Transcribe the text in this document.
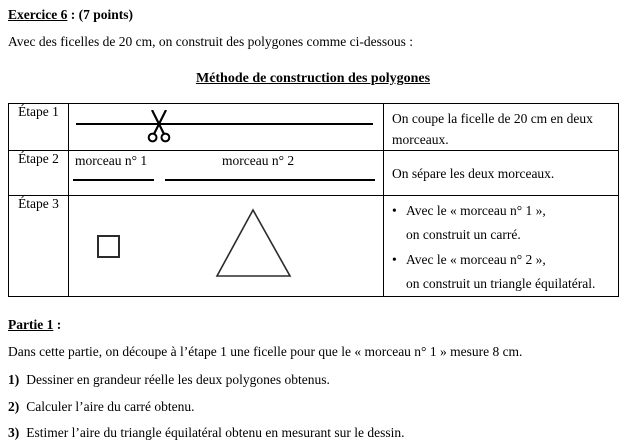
Exercice 6 : (7 points)
Avec des ficelles de 20 cm, on construit des polygones comme ci-dessous :
Méthode de construction des polygones
Étape 1		On coupe la ficelle de 20 cm en deux morceaux.
Étape 2	morceau n° 1 morceau n° 2	On sépare les deux morceaux.
Étape 3		• Avec le « morceau n° 1 »,
on construit un carré.
• Avec le « morceau n° 2 »,
on construit un triangle équilatéral.
Partie 1 :
Dans cette partie, on découpe à l’étape 1 une ficelle pour que le « morceau n° 1 » mesure 8 cm.
1) Dessiner en grandeur réelle les deux polygones obtenus.
2) Calculer l’aire du carré obtenu.
3) Estimer l’aire du triangle équilatéral obtenu en mesurant sur le dessin.
